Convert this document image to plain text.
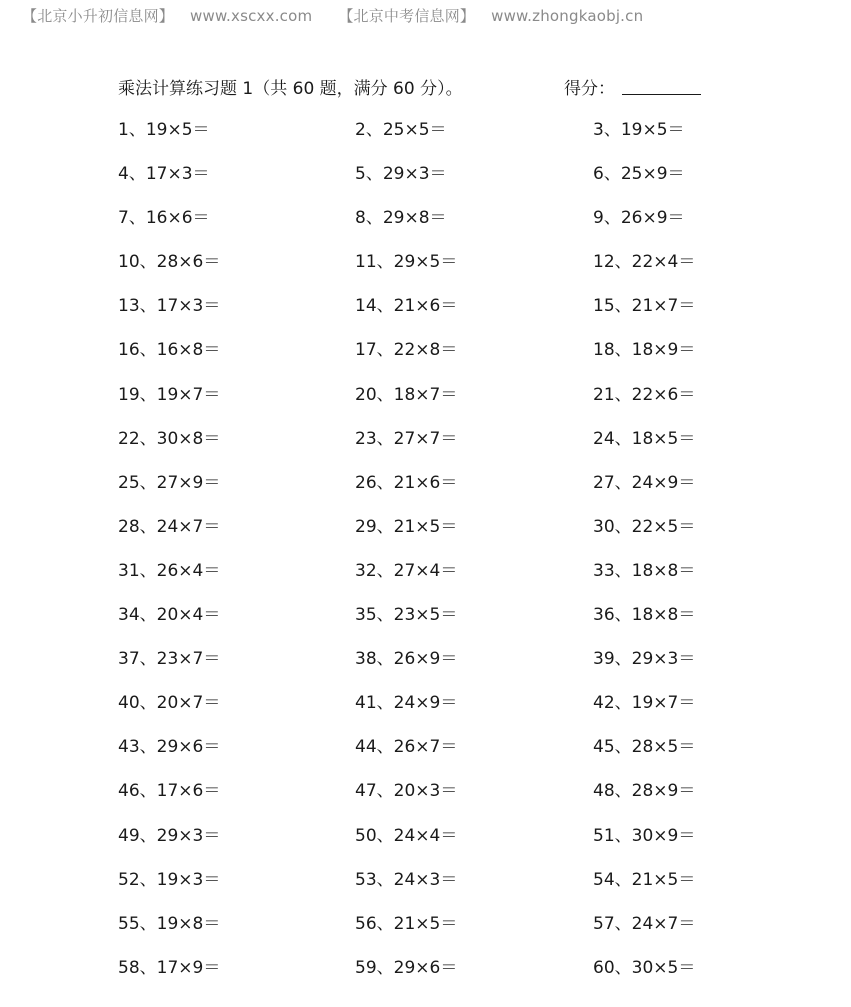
【北京小升初信息网】 www.xscxx.com 【北京中考信息网】 www.zhongkaobj.cn
乘法计算练习题 1（共 60 题，满分 60 分）。	得分：
1、19×5＝	2、25×5＝	3、19×5＝
4、17×3＝	5、29×3＝	6、25×9＝
7、16×6＝	8、29×8＝	9、26×9＝
10、28×6＝	11、29×5＝	12、22×4＝
13、17×3＝	14、21×6＝	15、21×7＝
16、16×8＝	17、22×8＝	18、18×9＝
19、19×7＝	20、18×7＝	21、22×6＝
22、30×8＝	23、27×7＝	24、18×5＝
25、27×9＝	26、21×6＝	27、24×9＝
28、24×7＝	29、21×5＝	30、22×5＝
31、26×4＝	32、27×4＝	33、18×8＝
34、20×4＝	35、23×5＝	36、18×8＝
37、23×7＝	38、26×9＝	39、29×3＝
40、20×7＝	41、24×9＝	42、19×7＝
43、29×6＝	44、26×7＝	45、28×5＝
46、17×6＝	47、20×3＝	48、28×9＝
49、29×3＝	50、24×4＝	51、30×9＝
52、19×3＝	53、24×3＝	54、21×5＝
55、19×8＝	56、21×5＝	57、24×7＝
58、17×9＝	59、29×6＝	60、30×5＝
